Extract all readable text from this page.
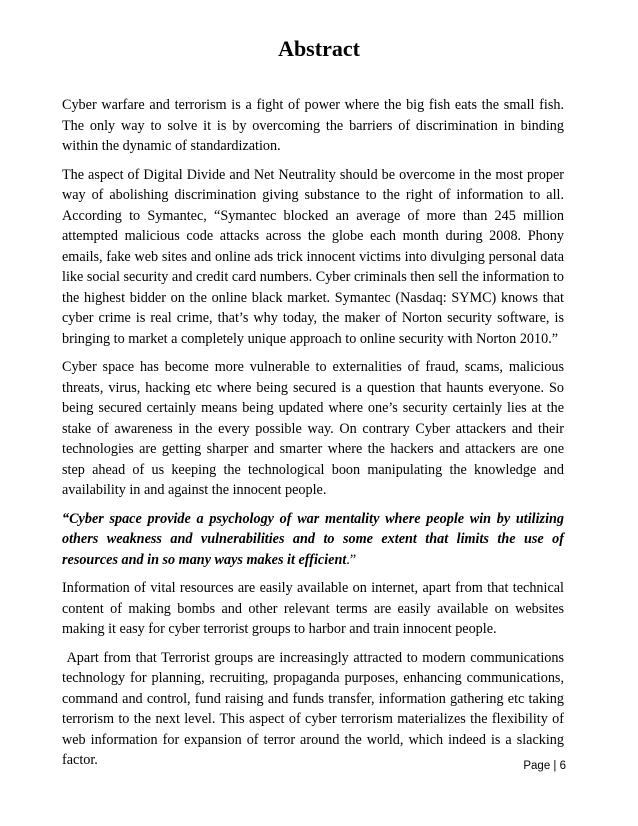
Abstract

Cyber warfare and terrorism is a fight of power where the big fish eats the small fish. The only way to solve it is by overcoming the barriers of discrimination in binding within the dynamic of standardization.

The aspect of Digital Divide and Net Neutrality should be overcome in the most proper way of abolishing discrimination giving substance to the right of information to all. According to Symantec, “Symantec blocked an average of more than 245 million attempted malicious code attacks across the globe each month during 2008. Phony emails, fake web sites and online ads trick innocent victims into divulging personal data like social security and credit card numbers. Cyber criminals then sell the information to the highest bidder on the online black market. Symantec (Nasdaq: SYMC) knows that cyber crime is real crime, that’s why today, the maker of Norton security software, is bringing to market a completely unique approach to online security with Norton 2010.”

Cyber space has become more vulnerable to externalities of fraud, scams, malicious threats, virus, hacking etc where being secured is a question that haunts everyone. So being secured certainly means being updated where one’s security certainly lies at the stake of awareness in the every possible way. On contrary Cyber attackers and their technologies are getting sharper and smarter where the hackers and attackers are one step ahead of us keeping the technological boon manipulating the knowledge and availability in and against the innocent people.

“Cyber space provide a psychology of war mentality where people win by utilizing others weakness and vulnerabilities and to some extent that limits the use of resources and in so many ways makes it efficient.”

Information of vital resources are easily available on internet, apart from that technical content of making bombs and other relevant terms are easily available on websites making it easy for cyber terrorist groups to harbor and train innocent people.

Apart from that Terrorist groups are increasingly attracted to modern communications technology for planning, recruiting, propaganda purposes, enhancing communications, command and control, fund raising and funds transfer, information gathering etc taking terrorism to the next level. This aspect of cyber terrorism materializes the flexibility of web information for expansion of terror around the world, which indeed is a slacking factor.	Page | 6
